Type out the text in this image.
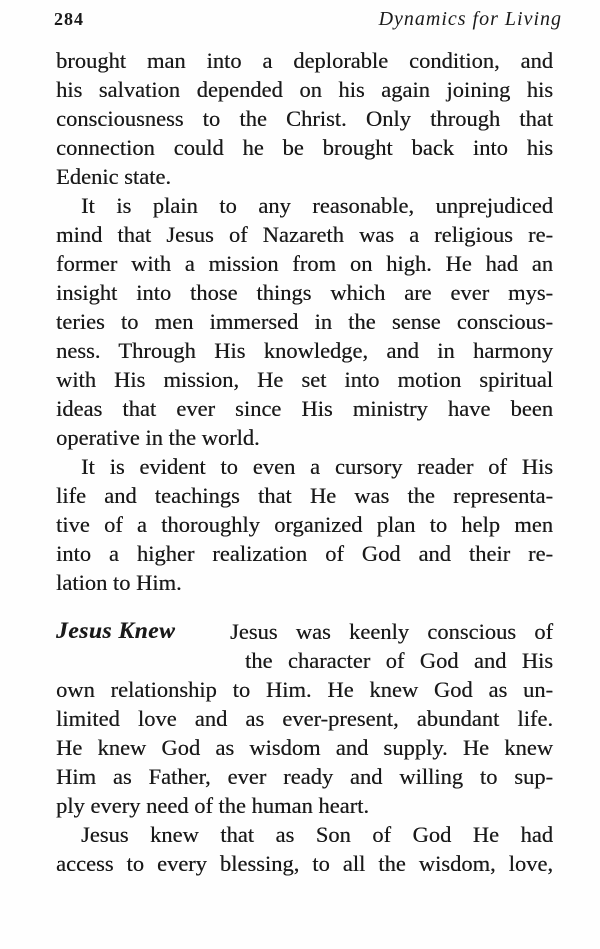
284	Dynamics for Living
brought man into a deplorable condition, and
his salvation depended on his again joining his
consciousness to the Christ. Only through that
connection could he be brought back into his
Edenic state.
It is plain to any reasonable, unprejudiced
mind that Jesus of Nazareth was a religious re-
former with a mission from on high. He had an
insight into those things which are ever mys-
teries to men immersed in the sense conscious-
ness. Through His knowledge, and in harmony
with His mission, He set into motion spiritual
ideas that ever since His ministry have been
operative in the world.
It is evident to even a cursory reader of His
life and teachings that He was the representa-
tive of a thoroughly organized plan to help men
into a higher realization of God and their re-
lation to Him.
Jesus Knew Jesus was keenly conscious of
the character of God and His
own relationship to Him. He knew God as un-
limited love and as ever-present, abundant life.
He knew God as wisdom and supply. He knew
Him as Father, ever ready and willing to sup-
ply every need of the human heart.
Jesus knew that as Son of God He had
access to every blessing, to all the wisdom, love,
